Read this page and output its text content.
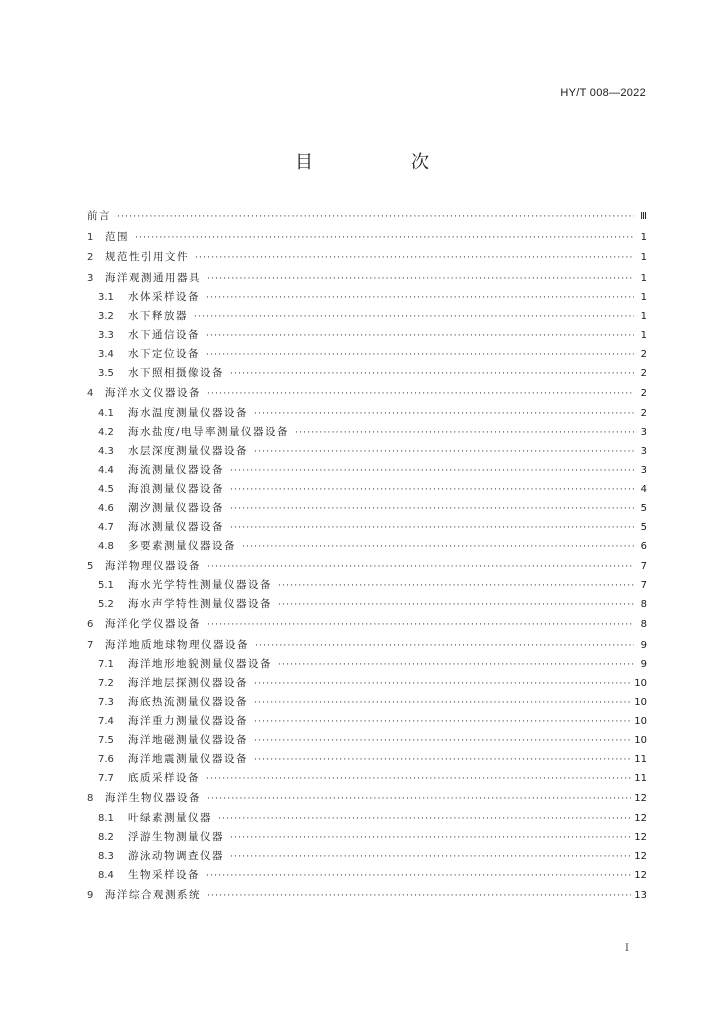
HY/T 008—2022
目　次
前言 ·····	Ⅲ
1	范围 ·····	1
2	规范性引用文件 ·····	1
3	海洋观测通用器具 ·····	1
3.1	水体采样设备 ·····	1
3.2	水下释放器 ·····	1
3.3	水下通信设备 ·····	1
3.4	水下定位设备 ·····	2
3.5	水下照相摄像设备 ·····	2
4	海洋水文仪器设备 ·····	2
4.1	海水温度测量仪器设备 ·····	2
4.2	海水盐度/电导率测量仪器设备 ·····	3
4.3	水层深度测量仪器设备 ·····	3
4.4	海流测量仪器设备 ·····	3
4.5	海浪测量仪器设备 ·····	4
4.6	潮汐测量仪器设备 ·····	5
4.7	海冰测量仪器设备 ·····	5
4.8	多要素测量仪器设备 ·····	6
5	海洋物理仪器设备 ·····	7
5.1	海水光学特性测量仪器设备 ·····	7
5.2	海水声学特性测量仪器设备 ·····	8
6	海洋化学仪器设备 ·····	8
7	海洋地质地球物理仪器设备 ·····	9
7.1	海洋地形地貌测量仪器设备 ·····	9
7.2	海洋地层探测仪器设备 ·····	10
7.3	海底热流测量仪器设备 ·····	10
7.4	海洋重力测量仪器设备 ·····	10
7.5	海洋地磁测量仪器设备 ·····	10
7.6	海洋地震测量仪器设备 ·····	11
7.7	底质采样设备 ·····	11
8	海洋生物仪器设备 ·····	12
8.1	叶绿素测量仪器 ·····	12
8.2	浮游生物测量仪器 ·····	12
8.3	游泳动物调查仪器 ·····	12
8.4	生物采样设备 ·····	12
9	海洋综合观测系统 ·····	13
I
